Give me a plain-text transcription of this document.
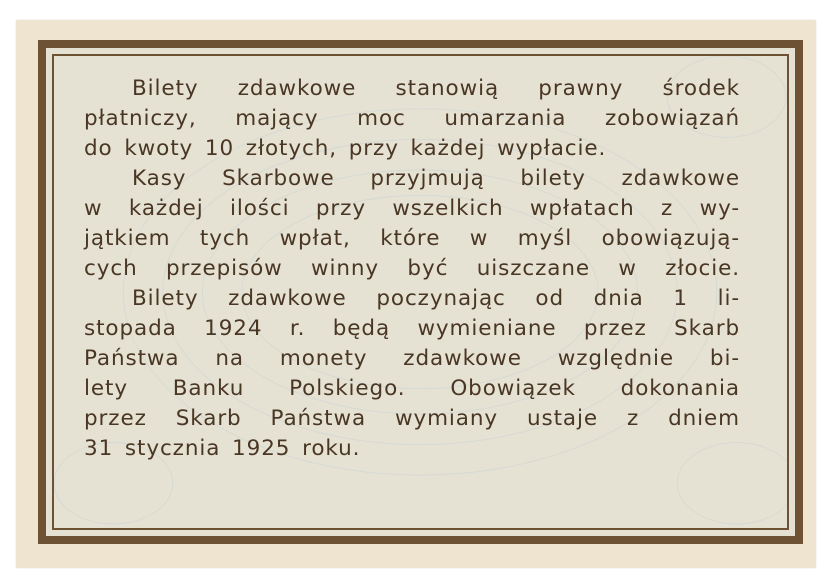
Bilety zdawkowe stanowią prawny środek
płatniczy, mający moc umarzania zobowiązań
do kwoty 10 złotych, przy każdej wypłacie.
Kasy Skarbowe przyjmują bilety zdawkowe
w każdej ilości przy wszelkich wpłatach z wy-
jątkiem tych wpłat, które w myśl obowiązują-
cych przepisów winny być uiszczane w złocie.
Bilety zdawkowe poczynając od dnia 1 li-
stopada 1924 r. będą wymieniane przez Skarb
Państwa na monety zdawkowe względnie bi-
lety Banku Polskiego. Obowiązek dokonania
przez Skarb Państwa wymiany ustaje z dniem
31 stycznia 1925 roku.
